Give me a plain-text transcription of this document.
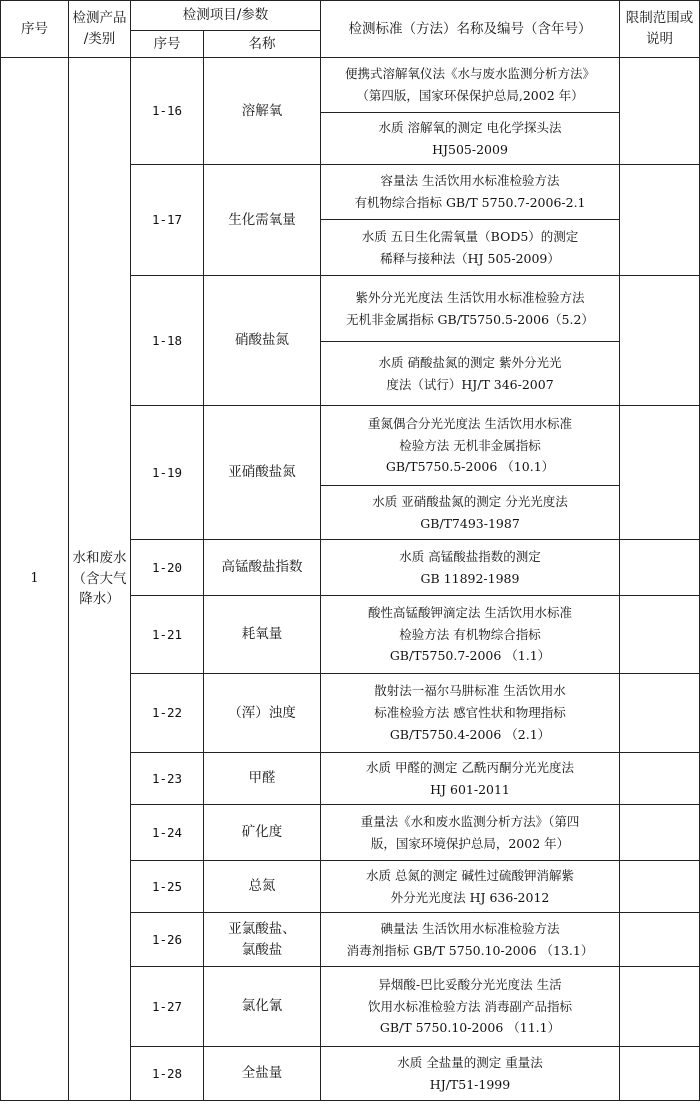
序号	检测产品
/类别	检测项目/参数		检测标准（方法）名称及编号（含年号）	限制范围或
说明

		序号	名称		
1	水和废水
（含大气
降水）	1-16	溶解氧	便携式溶解氧仪法《水与废水监测分析方法》
（第四版，国家环保保护总局,2002 年）	

				水质 溶解氧的测定 电化学探头法
HJ505-2009	

		1-17	生化需氧量	容量法 生活饮用水标准检验方法
有机物综合指标 GB/T 5750.7-2006-2.1	

				水质 五日生化需氧量（BOD5）的测定
稀释与接种法（HJ 505-2009）	

		1-18	硝酸盐氮	紫外分光光度法 生活饮用水标准检验方法
无机非金属指标 GB/T5750.5-2006（5.2）	

				水质 硝酸盐氮的测定 紫外分光光
度法（试行）HJ/T 346-2007	

		1-19	亚硝酸盐氮	重氮偶合分光光度法 生活饮用水标准
检验方法 无机非金属指标
GB/T5750.5-2006 （10.1）	

				水质 亚硝酸盐氮的测定 分光光度法
GB/T7493-1987	

		1-20	高锰酸盐指数	水质 高锰酸盐指数的测定
GB 11892-1989	

		1-21	耗氧量	酸性高锰酸钾滴定法 生活饮用水标准
检验方法 有机物综合指标
GB/T5750.7-2006 （1.1）	

		1-22	（浑）浊度	散射法一福尔马肼标准 生活饮用水
标准检验方法 感官性状和物理指标
GB/T5750.4-2006 （2.1）	

		1-23	甲醛	水质 甲醛的测定 乙酰丙酮分光光度法
HJ 601-2011	

		1-24	矿化度	重量法《水和废水监测分析方法》（第四
版，国家环境保护总局，2002 年）	

		1-25	总氮	水质 总氮的测定 碱性过硫酸钾消解紫
外分光光度法 HJ 636-2012	

		1-26	亚氯酸盐、
氯酸盐	碘量法 生活饮用水标准检验方法
消毒剂指标 GB/T 5750.10-2006 （13.1）	

		1-27	氯化氰	异烟酸-巴比妥酸分光光度法 生活
饮用水标准检验方法 消毒副产品指标
GB/T 5750.10-2006 （11.1）	

		1-28	全盐量	水质 全盐量的测定 重量法
HJ/T51-1999	
